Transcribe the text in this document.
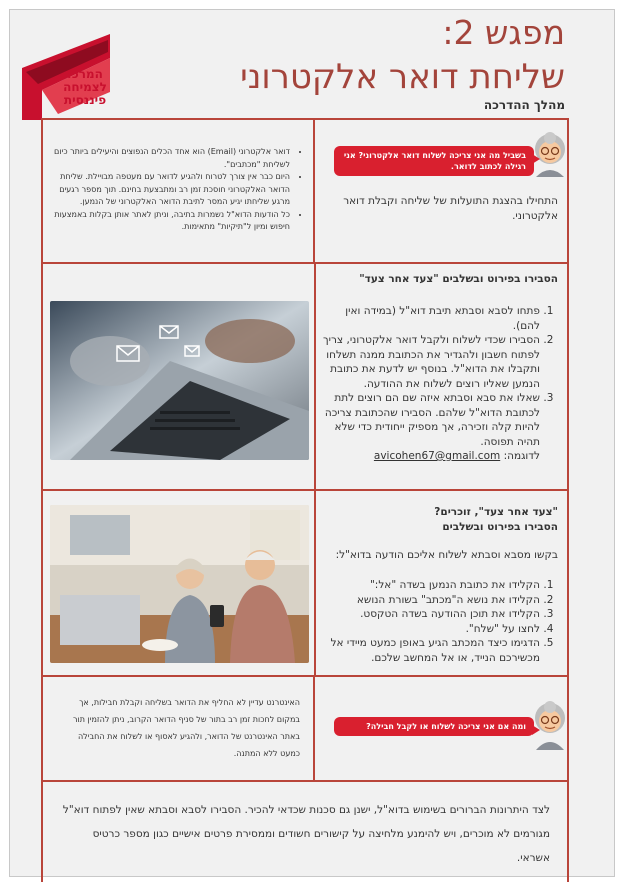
המרכז
לצמיחה
פיננסית
מפגש 2:
שליחת דואר אלקטרוני
מהלך ההדרכה
בשביל מה אני צריכה לשלוח דואר אלקטרוני? אני רגילה לכתוב לדואר.
התחילו בהצגת התועלות של שליחה וקבלת דואר אלקטרוני.
• דואר אלקטרוני (Email) הוא אחד הכלים הנפוצים והיעילים ביותר כיום לשליחת "מכתבים".
• היום כבר אין צורך לטרוח ולהגיע לדואר עם מעטפה מבויילת. שליחת הדואר האלקטרוני חוסכת זמן רב ומתבצעת בחינם. תוך מספר רגעים מרגע שליחתו יגיע המסר לתיבת הדואר האלקטרוני של הנמען.
• כל הודעות הדוא"ל נשמרות בתיבה, וניתן לאתר אותן בקלות באמצעות חיפוש ומיון ל"תיקיות" מתאימות.
הסבירו בפירוט ובשלבים "צעד אחר צעד"
1. פתחו לסבא וסבתא תיבת דוא"ל (במידה ואין להם).
2. הסבירו שכדי לשלוח ולקבל דואר אלקטרוני, צריך לפתוח חשבון ולהגדיר את הכתובת ממנה תשלחו ותקבלו את הדוא"ל. בנוסף יש לדעת את כתובת הנמען שאליו רוצים לשלוח את ההודעה.
3. שאלו את סבא וסבתא איזה שם הם רוצים לתת לכתובת הדוא"ל שלהם. הסבירו שהכתובת צריכה להיות קלה וזכירה, אך מספיק ייחודית כדי שלא תהיה תפוסה.
לדוגמה: avicohen67@gmail.com
"צעד אחר צעד", זוכרים?
הסבירו בפירוט ובשלבים
בקשו מסבא וסבתא לשלוח אליכם הודעה בדוא"ל:
1. הקלידו את כתובת הנמען בשדה "אל:"
2. הקלידו את נושא ה"מכתב" בשורת הנושא
3. הקלידו את תוכן ההודעה בשדה הטקסט.
4. לחצו על "שלח".
5. הדגימו כיצד המכתב הגיע באופן כמעט מיידי אל מכשירכם הנייד, או אל המחשב שלכם.
ומה אם אני צריכה לשלוח או לקבל חבילה?
האינטרנט עדיין לא החליף את הדואר בשליחה וקבלת חבילות, אך במקום לחכות זמן רב בתור של סניף הדואר הקרוב, ניתן להזמין תור באתר האינטרנט של הדואר, ולהגיע לאסוף או לשלוח את החבילה כמעט ללא המתנה.
לצד היתרונות הברורים בשימוש בדוא"ל, ישנן גם סכנות שכדאי להכיר. הסבירו לסבא וסבתא שאין לפתוח דוא"ל מגורמים לא מוכרים, ויש להימנע מלחיצה על קישורים חשודים וממסירת פרטים אישיים כגון מספר כרטיס אשראי.
